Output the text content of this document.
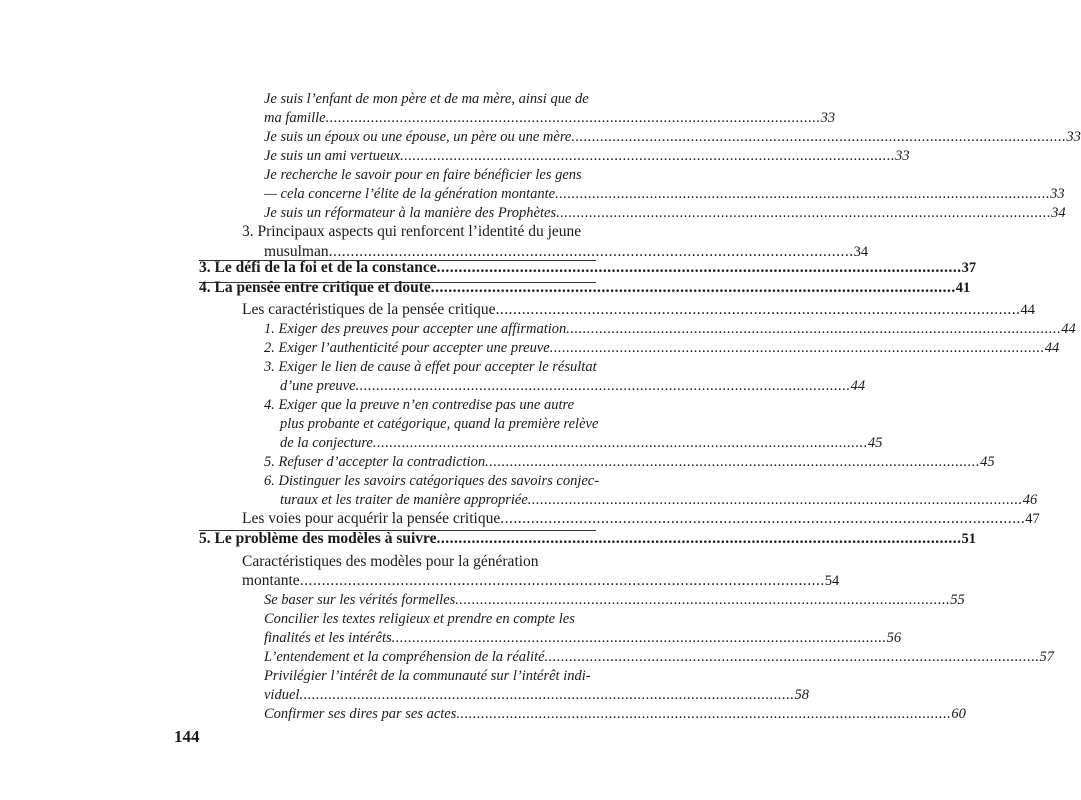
Je suis l’enfant de mon père et de ma mère, ainsi que de
ma famille ........................................................................................................................ 33
Je suis un époux ou une épouse, un père ou une mère ........................................................................................................................ 33
Je suis un ami vertueux ........................................................................................................................ 33
Je recherche le savoir pour en faire bénéficier les gens
— cela concerne l’élite de la génération montante ........................................................................................................................ 33
Je suis un réformateur à la manière des Prophètes ........................................................................................................................ 34
3. Principaux aspects qui renforcent l’identité du jeune
musulman ........................................................................................................................ 34
3. Le défi de la foi et de la constance ........................................................................................................................ 37
4. La pensée entre critique et doute ........................................................................................................................ 41
Les caractéristiques de la pensée critique ........................................................................................................................ 44
1. Exiger des preuves pour accepter une affirmation ........................................................................................................................ 44
2. Exiger l’authenticité pour accepter une preuve ........................................................................................................................ 44
3. Exiger le lien de cause à effet pour accepter le résultat
d’une preuve ........................................................................................................................ 44
4. Exiger que la preuve n’en contredise pas une autre
plus probante et catégorique, quand la première relève
de la conjecture ........................................................................................................................ 45
5. Refuser d’accepter la contradiction ........................................................................................................................ 45
6. Distinguer les savoirs catégoriques des savoirs conjec-
turaux et les traiter de manière appropriée ........................................................................................................................ 46
Les voies pour acquérir la pensée critique ........................................................................................................................ 47
5. Le problème des modèles à suivre ........................................................................................................................ 51
Caractéristiques des modèles pour la génération
montante ........................................................................................................................ 54
Se baser sur les vérités formelles ........................................................................................................................ 55
Concilier les textes religieux et prendre en compte les
finalités et les intérêts ........................................................................................................................ 56
L’entendement et la compréhension de la réalité ........................................................................................................................ 57
Privilégier l’intérêt de la communauté sur l’intérêt indi-
viduel ........................................................................................................................ 58
Confirmer ses dires par ses actes ........................................................................................................................ 60
144
